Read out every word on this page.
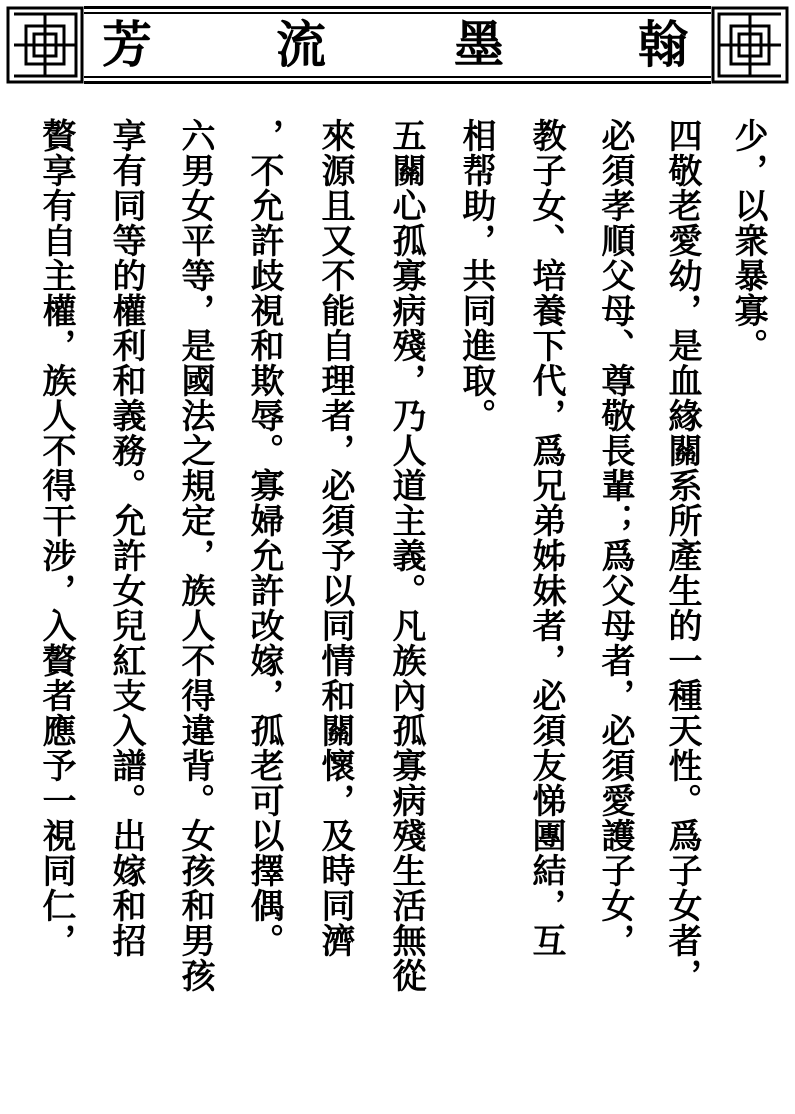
芳 流	墨	翰
少，以衆暴寡。
四敬老愛幼，是血緣關系所產生的一種天性。爲子女者，
必須孝順父母、尊敬長輩；爲父母者，必須愛護子女，
教子女、培養下代，爲兄弟姊妹者，必須友悌團結，互
相帮助，共同進取。
五關心孤寡病殘，乃人道主義。凡族內孤寡病殘生活無從
來源且又不能自理者，必須予以同情和關懷，及時同濟
，不允許歧視和欺辱。寡婦允許改嫁，孤老可以擇偶。
六男女平等，是國法之規定，族人不得違背。女孩和男孩
享有同等的權利和義務。允許女兒紅支入譜。出嫁和招
贅享有自主權，族人不得干涉，入贅者應予一視同仁，
